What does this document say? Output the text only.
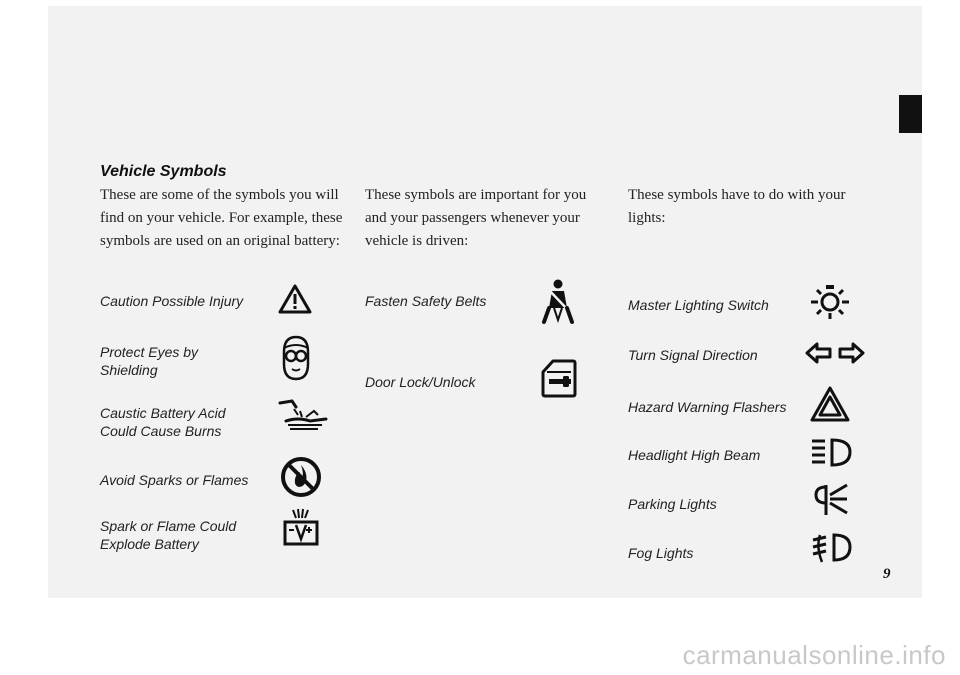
Vehicle Symbols

These are some of the symbols you will find on your vehicle. For example, these symbols are used on an original battery:

These symbols are important for you and your passengers whenever your vehicle is driven:

These symbols have to do with your lights:

Caution Possible Injury

Protect Eyes by Shielding

Caustic Battery Acid Could Cause Burns

Avoid Sparks or Flames

Spark or Flame Could Explode Battery

Fasten Safety Belts

Door Lock/Unlock

Master Lighting Switch

Turn Signal Direction

Hazard Warning Flashers

Headlight High Beam

Parking Lights

Fog Lights

9
carmanualsonline.info
